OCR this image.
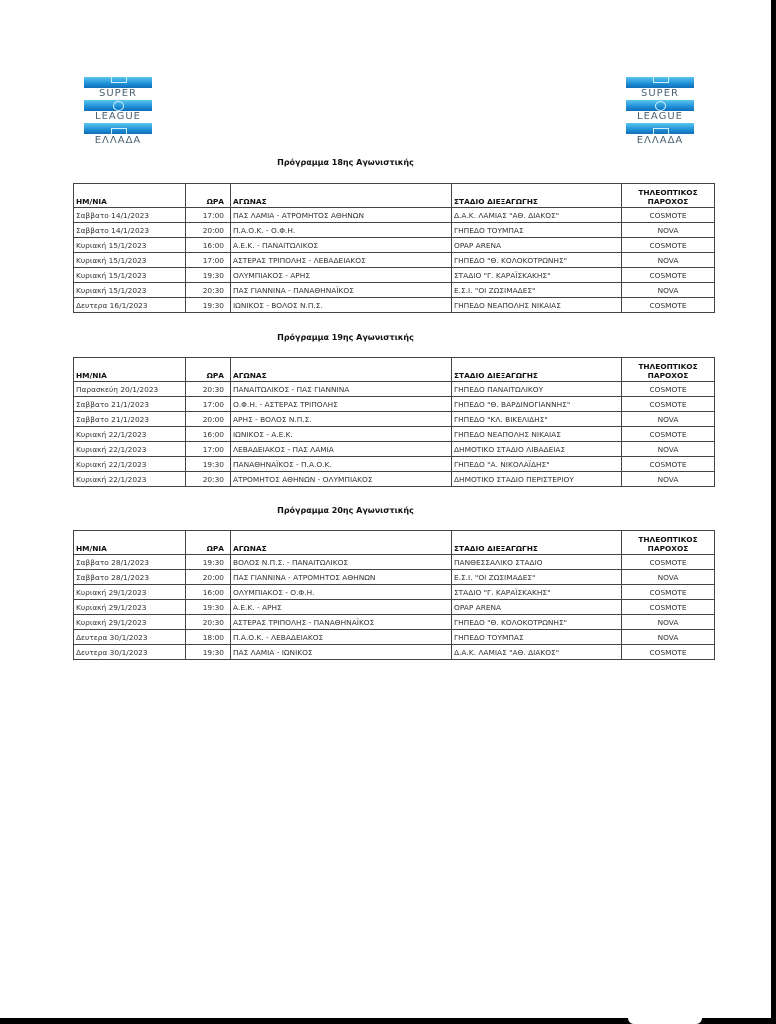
SUPER
LEAGUE
ΕΛΛΑΔΑ
SUPER
LEAGUE
ΕΛΛΑΔΑ
Πρόγραμμα 18ης Αγωνιστικής
ΗΜ/ΝΙΑ	ΩΡΑ	ΑΓΩΝΑΣ	ΣΤΑΔΙΟ ΔΙΕΞΑΓΩΓΗΣ	ΤΗΛΕΟΠΤΙΚΟΣ
ΠΑΡΟΧΟΣ

Σαββατο 14/1/2023	17:00	ΠΑΣ ΛΑΜΙΑ - ΑΤΡΟΜΗΤΟΣ ΑΘΗΝΩΝ	Δ.Α.Κ. ΛΑΜΙΑΣ "ΑΘ. ΔΙΑΚΟΣ"	COSMOTE
Σαββατο 14/1/2023	20:00	Π.Α.Ο.Κ. - Ο.Φ.Η.	ΓΗΠΕΔΟ ΤΟΥΜΠΑΣ	NOVA
Κυριακή 15/1/2023	16:00	Α.Ε.Κ. - ΠΑΝΑΙΤΩΛΙΚΟΣ	OPAP ARENA	COSMOTE
Κυριακή 15/1/2023	17:00	ΑΣΤΕΡΑΣ ΤΡΙΠΟΛΗΣ - ΛΕΒΑΔΕΙΑΚΟΣ	ΓΗΠΕΔΟ "Θ. ΚΟΛΟΚΟΤΡΩΝΗΣ"	NOVA
Κυριακή 15/1/2023	19:30	ΟΛΥΜΠΙΑΚΟΣ - ΑΡΗΣ	ΣΤΑΔΙΟ "Γ. ΚΑΡΑΪΣΚΑΚΗΣ"	COSMOTE
Κυριακή 15/1/2023	20:30	ΠΑΣ ΓΙΑΝΝΙΝΑ - ΠΑΝΑΘΗΝΑΪΚΟΣ	Ε.Σ.Ι. "ΟΙ ΖΩΣΙΜΑΔΕΣ"	NOVA
Δευτερα 16/1/2023	19:30	ΙΩΝΙΚΟΣ - ΒΟΛΟΣ Ν.Π.Σ.	ΓΗΠΕΔΟ ΝΕΑΠΟΛΗΣ ΝΙΚΑΙΑΣ	COSMOTE
Πρόγραμμα 19ης Αγωνιστικής
ΗΜ/ΝΙΑ	ΩΡΑ	ΑΓΩΝΑΣ	ΣΤΑΔΙΟ ΔΙΕΞΑΓΩΓΗΣ	ΤΗΛΕΟΠΤΙΚΟΣ
ΠΑΡΟΧΟΣ

Παρασκεύη 20/1/2023	20:30	ΠΑΝΑΙΤΩΛΙΚΟΣ - ΠΑΣ ΓΙΑΝΝΙΝΑ	ΓΗΠΕΔΟ ΠΑΝΑΙΤΩΛΙΚΟΥ	COSMOTE
Σαββατο 21/1/2023	17:00	Ο.Φ.Η. - ΑΣΤΕΡΑΣ ΤΡΙΠΟΛΗΣ	ΓΗΠΕΔΟ "Θ. ΒΑΡΔΙΝΟΓΙΑΝΝΗΣ"	COSMOTE
Σαββατο 21/1/2023	20:00	ΑΡΗΣ - ΒΟΛΟΣ Ν.Π.Σ.	ΓΗΠΕΔΟ "ΚΛ. ΒΙΚΕΛΙΔΗΣ"	NOVA
Κυριακή 22/1/2023	16:00	ΙΩΝΙΚΟΣ - Α.Ε.Κ.	ΓΗΠΕΔΟ ΝΕΑΠΟΛΗΣ ΝΙΚΑΙΑΣ	COSMOTE
Κυριακή 22/1/2023	17:00	ΛΕΒΑΔΕΙΑΚΟΣ - ΠΑΣ ΛΑΜΙΑ	ΔΗΜΟΤΙΚΟ ΣΤΑΔΙΟ ΛΙΒΑΔΕΙΑΣ	NOVA
Κυριακή 22/1/2023	19:30	ΠΑΝΑΘΗΝΑΪΚΟΣ - Π.Α.Ο.Κ.	ΓΗΠΕΔΟ "Α. ΝΙΚΟΛΑΪΔΗΣ"	COSMOTE
Κυριακή 22/1/2023	20:30	ΑΤΡΟΜΗΤΟΣ ΑΘΗΝΩΝ - ΟΛΥΜΠΙΑΚΟΣ	ΔΗΜΟΤΙΚΟ ΣΤΑΔΙΟ ΠΕΡΙΣΤΕΡΙΟΥ	NOVA
Πρόγραμμα 20ης Αγωνιστικής
ΗΜ/ΝΙΑ	ΩΡΑ	ΑΓΩΝΑΣ	ΣΤΑΔΙΟ ΔΙΕΞΑΓΩΓΗΣ	ΤΗΛΕΟΠΤΙΚΟΣ
ΠΑΡΟΧΟΣ

Σαββατο 28/1/2023	19:30	ΒΟΛΟΣ Ν.Π.Σ. - ΠΑΝΑΙΤΩΛΙΚΟΣ	ΠΑΝΘΕΣΣΑΛΙΚΟ ΣΤΑΔΙΟ	COSMOTE
Σαββατο 28/1/2023	20:00	ΠΑΣ ΓΙΑΝΝΙΝΑ - ΑΤΡΟΜΗΤΟΣ ΑΘΗΝΩΝ	Ε.Σ.Ι. "ΟΙ ΖΩΣΙΜΑΔΕΣ"	NOVA
Κυριακή 29/1/2023	16:00	ΟΛΥΜΠΙΑΚΟΣ - Ο.Φ.Η.	ΣΤΑΔΙΟ "Γ. ΚΑΡΑΪΣΚΑΚΗΣ"	COSMOTE
Κυριακή 29/1/2023	19:30	Α.Ε.Κ. - ΑΡΗΣ	OPAP ARENA	COSMOTE
Κυριακή 29/1/2023	20:30	ΑΣΤΕΡΑΣ ΤΡΙΠΟΛΗΣ - ΠΑΝΑΘΗΝΑΪΚΟΣ	ΓΗΠΕΔΟ "Θ. ΚΟΛΟΚΟΤΡΩΝΗΣ"	NOVA
Δευτερα 30/1/2023	18:00	Π.Α.Ο.Κ. - ΛΕΒΑΔΕΙΑΚΟΣ	ΓΗΠΕΔΟ ΤΟΥΜΠΑΣ	NOVA
Δευτερα 30/1/2023	19:30	ΠΑΣ ΛΑΜΙΑ - ΙΩΝΙΚΟΣ	Δ.Α.Κ. ΛΑΜΙΑΣ "ΑΘ. ΔΙΑΚΟΣ"	COSMOTE
